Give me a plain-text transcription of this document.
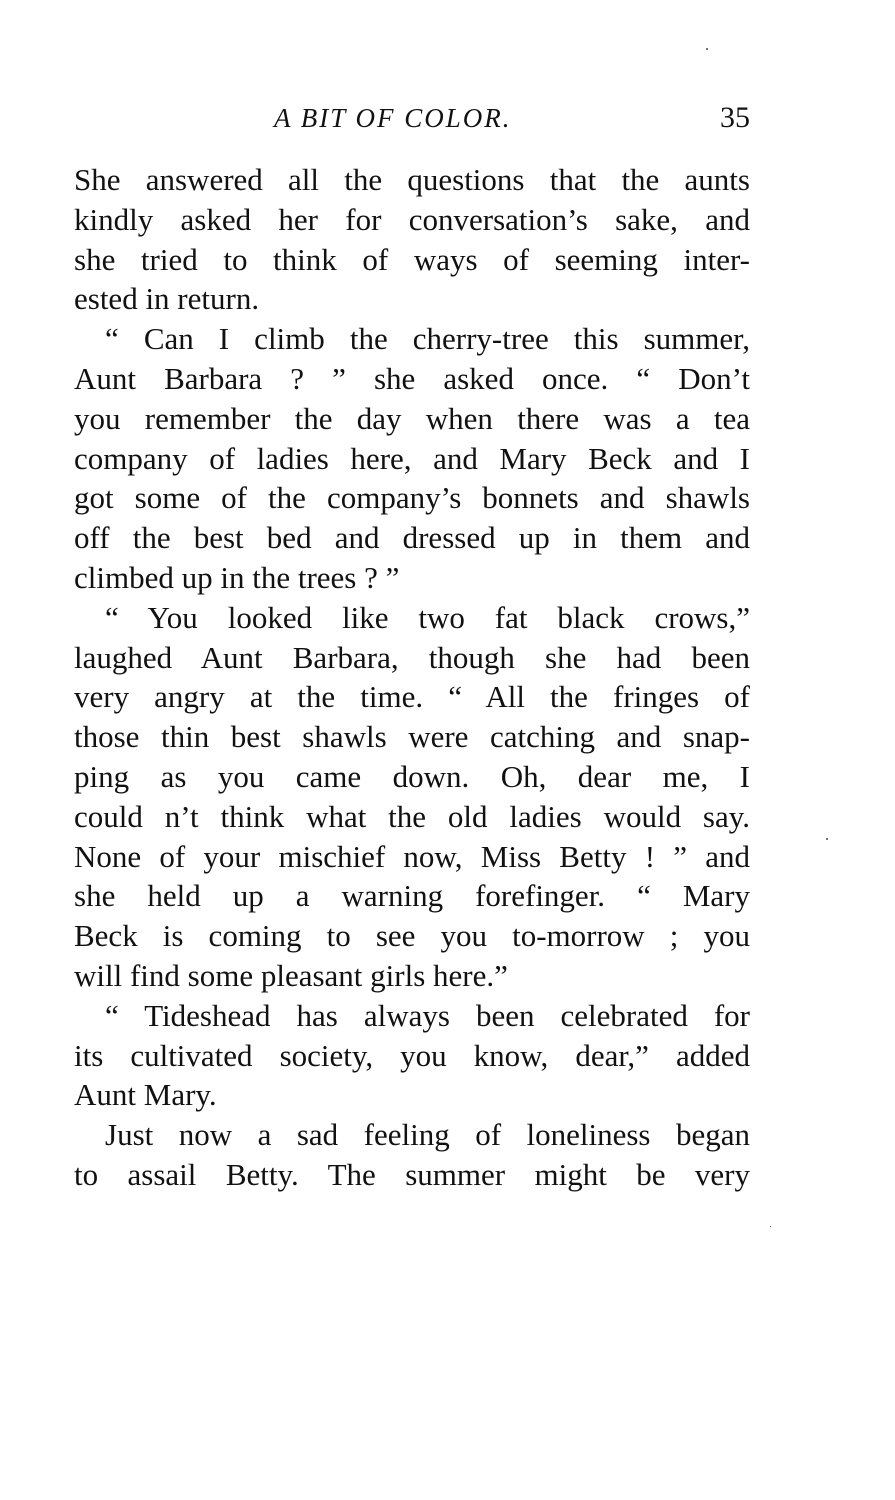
A BIT OF COLOR.	35

She answered all the questions that the aunts
kindly asked her for conversation’s sake, and
she tried to think of ways of seeming inter-
ested in return.

“ Can I climb the cherry-tree this summer,
Aunt Barbara ? ” she asked once. “ Don’t
you remember the day when there was a tea
company of ladies here, and Mary Beck and I
got some of the company’s bonnets and shawls
off the best bed and dressed up in them and
climbed up in the trees ? ”

“ You looked like two fat black crows,”
laughed Aunt Barbara, though she had been
very angry at the time. “ All the fringes of
those thin best shawls were catching and snap-
ping as you came down. Oh, dear me, I
could n’t think what the old ladies would say.
None of your mischief now, Miss Betty ! ” and
she held up a warning forefinger. “ Mary
Beck is coming to see you to-morrow ; you
will find some pleasant girls here.”

“ Tideshead has always been celebrated for
its cultivated society, you know, dear,” added
Aunt Mary.

Just now a sad feeling of loneliness began
to assail Betty. The summer might be very
